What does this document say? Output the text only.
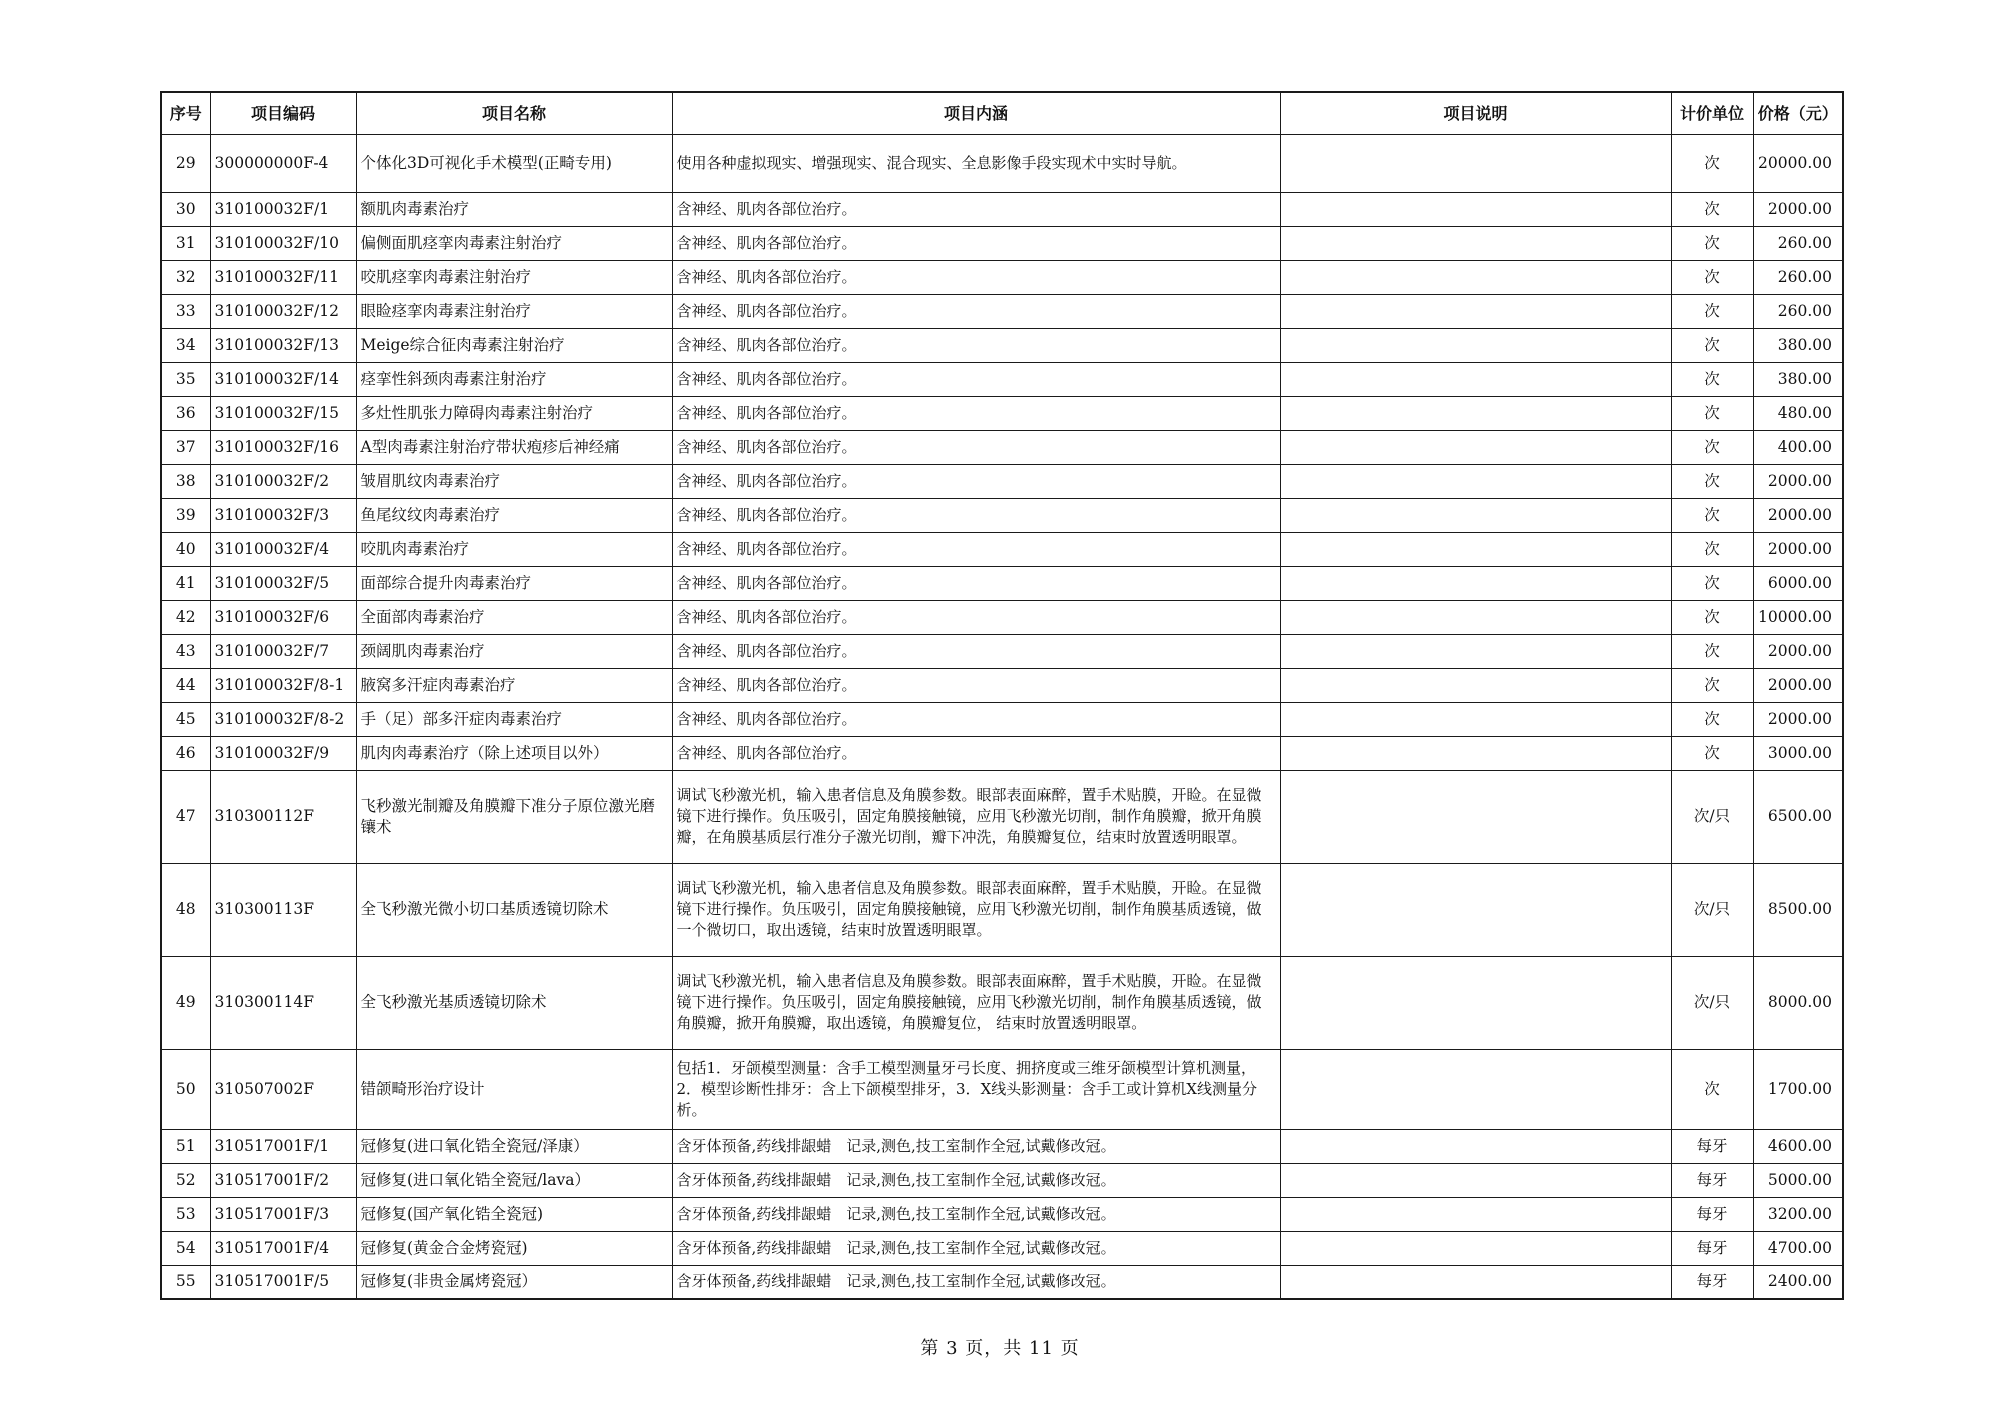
序号	项目编码	项目名称	项目内涵	项目说明	计价单位	价格（元）
29	300000000F-4	个体化3D可视化手术模型(正畸专用)	使用各种虚拟现实、增强现实、混合现实、全息影像手段实现术中实时导航。		次	20000.00
30	310100032F/1	额肌肉毒素治疗	含神经、肌肉各部位治疗。		次	2000.00
31	310100032F/10	偏侧面肌痉挛肉毒素注射治疗	含神经、肌肉各部位治疗。		次	260.00
32	310100032F/11	咬肌痉挛肉毒素注射治疗	含神经、肌肉各部位治疗。		次	260.00
33	310100032F/12	眼睑痉挛肉毒素注射治疗	含神经、肌肉各部位治疗。		次	260.00
34	310100032F/13	Meige综合征肉毒素注射治疗	含神经、肌肉各部位治疗。		次	380.00
35	310100032F/14	痉挛性斜颈肉毒素注射治疗	含神经、肌肉各部位治疗。		次	380.00
36	310100032F/15	多灶性肌张力障碍肉毒素注射治疗	含神经、肌肉各部位治疗。		次	480.00
37	310100032F/16	A型肉毒素注射治疗带状疱疹后神经痛	含神经、肌肉各部位治疗。		次	400.00
38	310100032F/2	皱眉肌纹肉毒素治疗	含神经、肌肉各部位治疗。		次	2000.00
39	310100032F/3	鱼尾纹纹肉毒素治疗	含神经、肌肉各部位治疗。		次	2000.00
40	310100032F/4	咬肌肉毒素治疗	含神经、肌肉各部位治疗。		次	2000.00
41	310100032F/5	面部综合提升肉毒素治疗	含神经、肌肉各部位治疗。		次	6000.00
42	310100032F/6	全面部肉毒素治疗	含神经、肌肉各部位治疗。		次	10000.00
43	310100032F/7	颈阔肌肉毒素治疗	含神经、肌肉各部位治疗。		次	2000.00
44	310100032F/8-1	腋窝多汗症肉毒素治疗	含神经、肌肉各部位治疗。		次	2000.00
45	310100032F/8-2	手（足）部多汗症肉毒素治疗	含神经、肌肉各部位治疗。		次	2000.00
46	310100032F/9	肌肉肉毒素治疗（除上述项目以外）	含神经、肌肉各部位治疗。		次	3000.00
47	310300112F	飞秒激光制瓣及角膜瓣下准分子原位激光磨镶术	调试飞秒激光机，输入患者信息及角膜参数。眼部表面麻醉，置手术贴膜，开睑。在显微镜下进行操作。负压吸引，固定角膜接触镜，应用飞秒激光切削，制作角膜瓣，掀开角膜瓣，在角膜基质层行准分子激光切削，瓣下冲洗，角膜瓣复位，结束时放置透明眼罩。		次/只	6500.00
48	310300113F	全飞秒激光微小切口基质透镜切除术	调试飞秒激光机，输入患者信息及角膜参数。眼部表面麻醉，置手术贴膜，开睑。在显微镜下进行操作。负压吸引，固定角膜接触镜，应用飞秒激光切削，制作角膜基质透镜，做一个微切口，取出透镜，结束时放置透明眼罩。		次/只	8500.00
49	310300114F	全飞秒激光基质透镜切除术	调试飞秒激光机，输入患者信息及角膜参数。眼部表面麻醉，置手术贴膜，开睑。在显微镜下进行操作。负压吸引，固定角膜接触镜，应用飞秒激光切削，制作角膜基质透镜，做角膜瓣，掀开角膜瓣，取出透镜，角膜瓣复位， 结束时放置透明眼罩。		次/只	8000.00
50	310507002F	错颌畸形治疗设计	包括1．牙颌模型测量：含手工模型测量牙弓长度、拥挤度或三维牙颌模型计算机测量，2．模型诊断性排牙：含上下颌模型排牙，3．X线头影测量：含手工或计算机X线测量分析。		次	1700.00
51	310517001F/1	冠修复(进口氧化锆全瓷冠/泽康）	含牙体预备,药线排龈蜡　记录,测色,技工室制作全冠,试戴修改冠。		每牙	4600.00
52	310517001F/2	冠修复(进口氧化锆全瓷冠/lava）	含牙体预备,药线排龈蜡　记录,测色,技工室制作全冠,试戴修改冠。		每牙	5000.00
53	310517001F/3	冠修复(国产氧化锆全瓷冠)	含牙体预备,药线排龈蜡　记录,测色,技工室制作全冠,试戴修改冠。		每牙	3200.00
54	310517001F/4	冠修复(黄金合金烤瓷冠)	含牙体预备,药线排龈蜡　记录,测色,技工室制作全冠,试戴修改冠。		每牙	4700.00
55	310517001F/5	冠修复(非贵金属烤瓷冠）	含牙体预备,药线排龈蜡　记录,测色,技工室制作全冠,试戴修改冠。		每牙	2400.00
第 3 页，共 11 页
